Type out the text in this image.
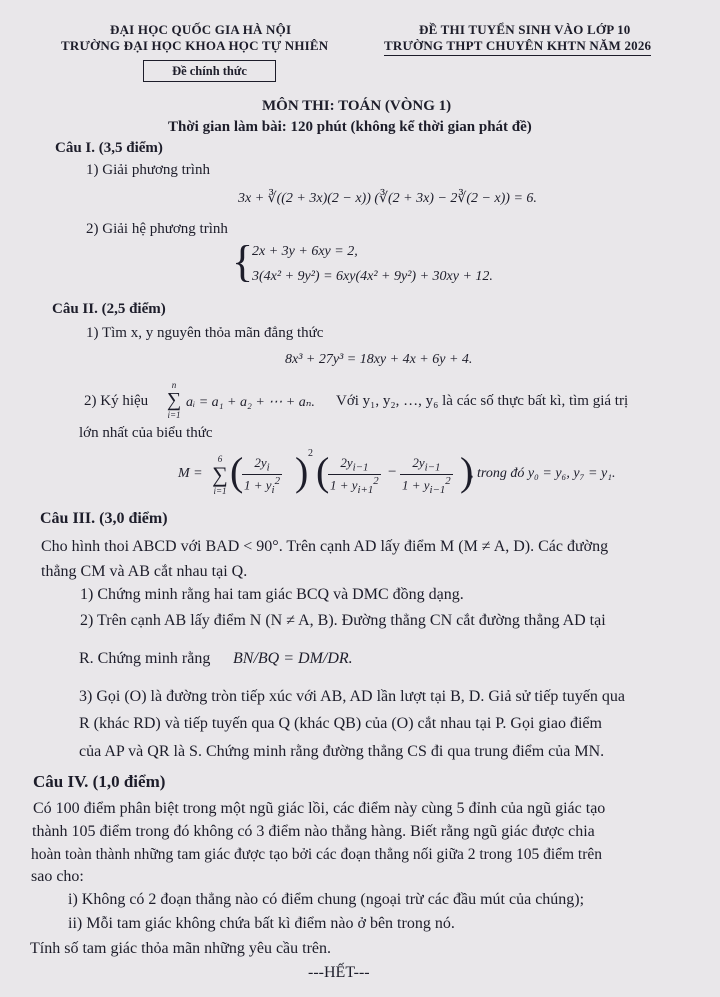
ĐẠI HỌC QUỐC GIA HÀ NỘI
TRƯỜNG ĐẠI HỌC KHOA HỌC TỰ NHIÊN
Đề chính thức
ĐỀ THI TUYỂN SINH VÀO LỚP 10
TRƯỜNG THPT CHUYÊN KHTN NĂM 2026
MÔN THI: TOÁN (VÒNG 1)
Thời gian làm bài: 120 phút (không kể thời gian phát đề)
Câu I. (3,5 điểm)
1) Giải phương trình
3x + ∛((2 + 3x)(2 − x)) (∛(2 + 3x) − 2∛(2 − x)) = 6.
2) Giải hệ phương trình
{
2x + 3y + 6xy = 2,
3(4x² + 9y²) = 6xy(4x² + 9y²) + 30xy + 12.
Câu II. (2,5 điểm)
1) Tìm x, y nguyên thỏa mãn đẳng thức
8x³ + 27y³ = 18xy + 4x + 6y + 4.
2) Ký hiệu
n
∑
i=1
aᵢ = a₁ + a₂ + ⋯ + aₙ. Với y₁, y₂, …, y₆ là các số thực bất kì, tìm giá trị
lớn nhất của biểu thức
M =
6
∑
i=1 (
$\frac{2y_i}{1 + y_i^2}$ ) 2 (
$\frac{2y_{i-1}}{1 + y_{i+1}^2} - \frac{2y_{i-1}}{1 + y_{i-1}^2}$ )
, trong đó y₀ = y₆, y₇ = y₁.
Câu III. (3,0 điểm)
Cho hình thoi ABCD với BAD < 90°. Trên cạnh AD lấy điểm M (M ≠ A, D). Các đường
thẳng CM và AB cắt nhau tại Q.
1) Chứng minh rằng hai tam giác BCQ và DMC đồng dạng.
2) Trên cạnh AB lấy điểm N (N ≠ A, B). Đường thẳng CN cắt đường thẳng AD tại
R. Chứng minh rằng BN/BQ = DM/DR.
3) Gọi (O) là đường tròn tiếp xúc với AB, AD lần lượt tại B, D. Giả sử tiếp tuyến qua
R (khác RD) và tiếp tuyến qua Q (khác QB) của (O) cắt nhau tại P. Gọi giao điểm
của AP và QR là S. Chứng minh rằng đường thẳng CS đi qua trung điểm của MN.
Câu IV. (1,0 điểm)
Có 100 điểm phân biệt trong một ngũ giác lồi, các điểm này cùng 5 đỉnh của ngũ giác tạo
thành 105 điểm trong đó không có 3 điểm nào thẳng hàng. Biết rằng ngũ giác được chia
hoàn toàn thành những tam giác được tạo bởi các đoạn thẳng nối giữa 2 trong 105 điểm trên
sao cho:
i) Không có 2 đoạn thẳng nào có điểm chung (ngoại trừ các đầu mút của chúng);
ii) Mỗi tam giác không chứa bất kì điểm nào ở bên trong nó.
Tính số tam giác thỏa mãn những yêu cầu trên.
---HẾT---
